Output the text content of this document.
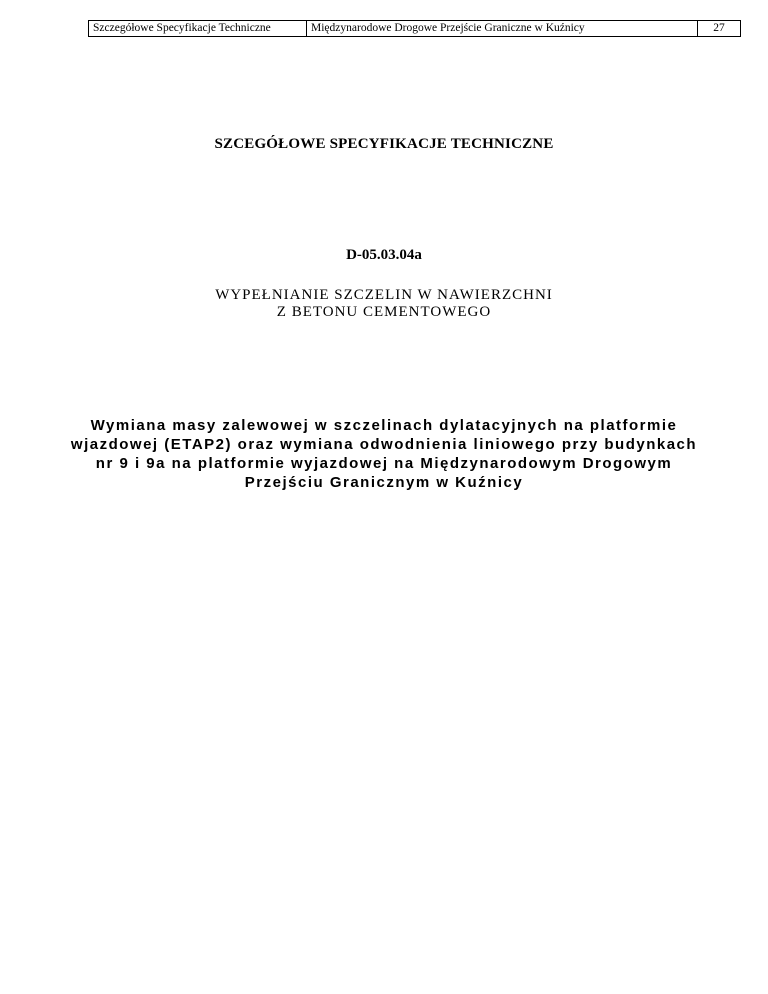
Szczegółowe Specyfikacje Techniczne	Międzynarodowe Drogowe Przejście Graniczne w Kuźnicy	27
SZCEGÓŁOWE SPECYFIKACJE TECHNICZNE
D-05.03.04a
WYPEŁNIANIE SZCZELIN W NAWIERZCHNI
Z BETONU CEMENTOWEGO
Wymiana masy zalewowej w szczelinach dylatacyjnych na platformie
wjazdowej (ETAP2) oraz wymiana odwodnienia liniowego przy budynkach
nr 9 i 9a na platformie wyjazdowej na Międzynarodowym Drogowym
Przejściu Granicznym w Kuźnicy
